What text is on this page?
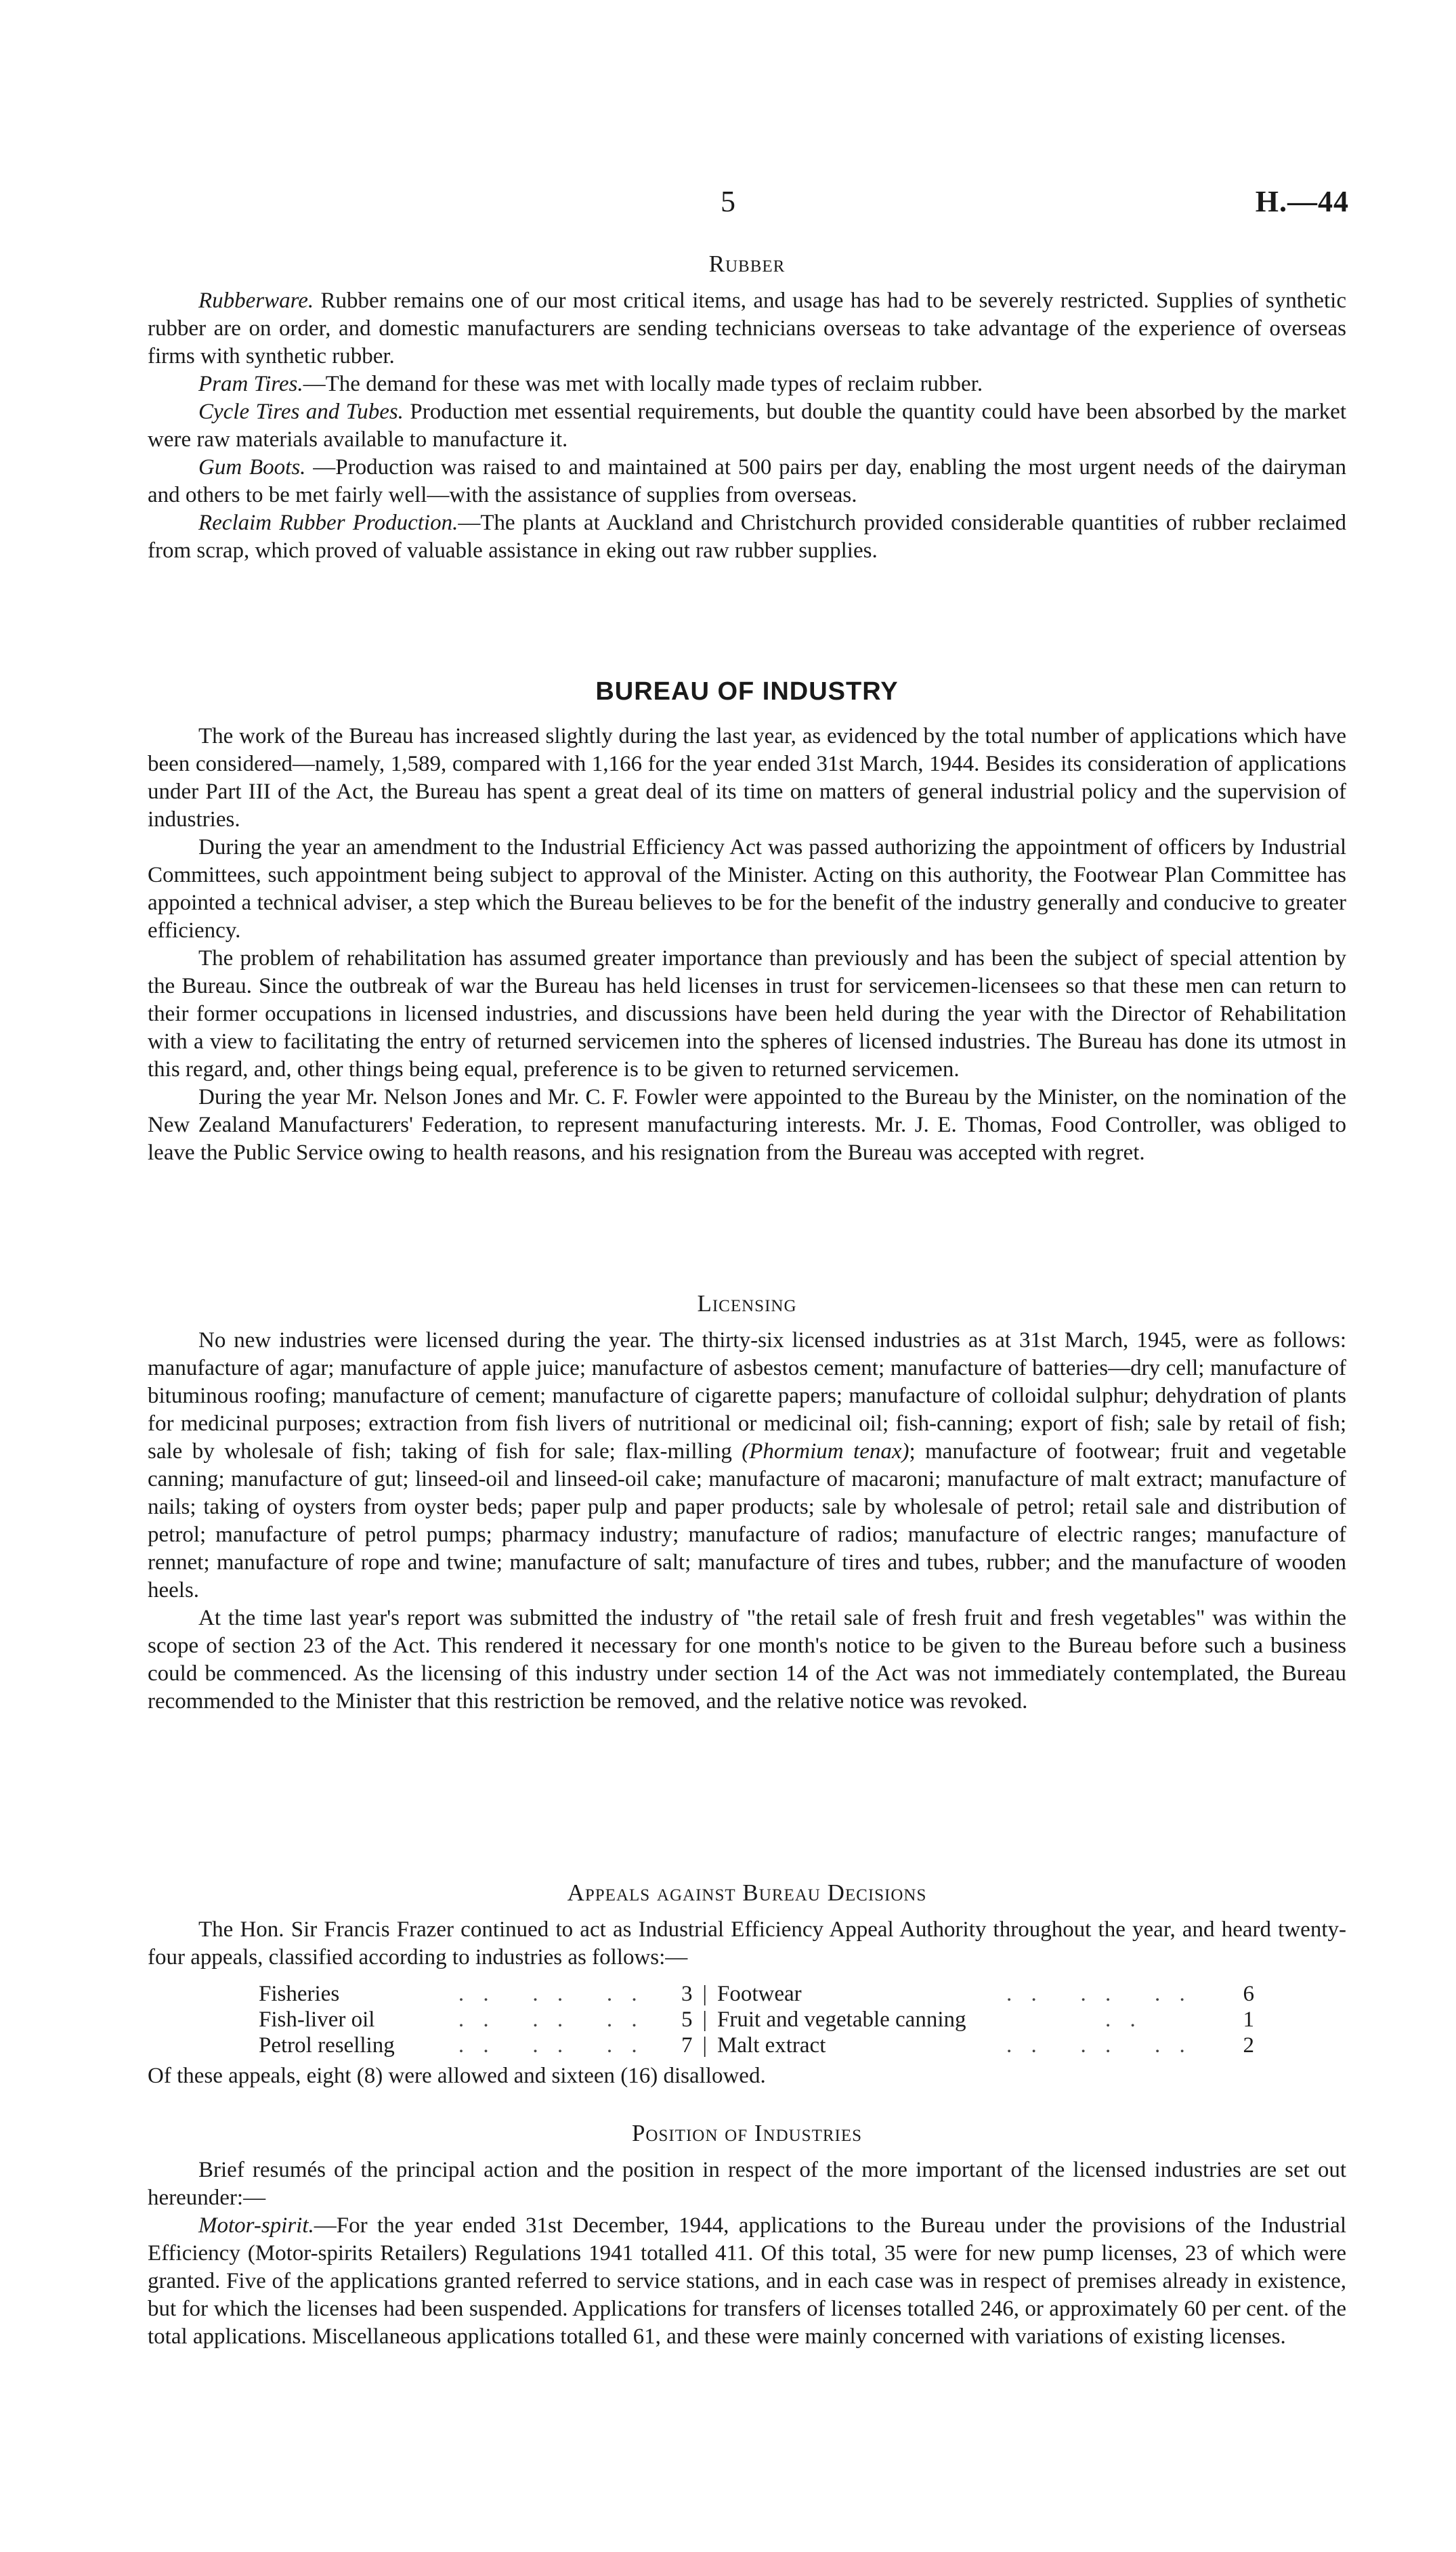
5	H.—44

Rubber

Rubberware. Rubber remains one of our most critical items, and usage has had to be severely restricted. Supplies of synthetic rubber are on order, and domestic manufacturers are sending technicians overseas to take advantage of the experience of overseas firms with synthetic rubber.

Pram Tires.—The demand for these was met with locally made types of reclaim rubber.

Cycle Tires and Tubes. Production met essential requirements, but double the quantity could have been absorbed by the market were raw materials available to manufacture it.

Gum Boots. —Production was raised to and maintained at 500 pairs per day, enabling the most urgent needs of the dairyman and others to be met fairly well—with the assistance of supplies from overseas.

Reclaim Rubber Production.—The plants at Auckland and Christchurch provided considerable quantities of rubber reclaimed from scrap, which proved of valuable assistance in eking out raw rubber supplies.

BUREAU OF INDUSTRY

The work of the Bureau has increased slightly during the last year, as evidenced by the total number of applications which have been considered—namely, 1,589, compared with 1,166 for the year ended 31st March, 1944. Besides its consideration of applications under Part III of the Act, the Bureau has spent a great deal of its time on matters of general industrial policy and the supervision of industries.

During the year an amendment to the Industrial Efficiency Act was passed authorizing the appointment of officers by Industrial Committees, such appointment being subject to approval of the Minister. Acting on this authority, the Footwear Plan Committee has appointed a technical adviser, a step which the Bureau believes to be for the benefit of the industry generally and conducive to greater efficiency.

The problem of rehabilitation has assumed greater importance than previously and has been the subject of special attention by the Bureau. Since the outbreak of war the Bureau has held licenses in trust for servicemen-licensees so that these men can return to their former occupations in licensed industries, and discussions have been held during the year with the Director of Rehabilitation with a view to facilitating the entry of returned servicemen into the spheres of licensed industries. The Bureau has done its utmost in this regard, and, other things being equal, preference is to be given to returned servicemen.

During the year Mr. Nelson Jones and Mr. C. F. Fowler were appointed to the Bureau by the Minister, on the nomination of the New Zealand Manufacturers' Federation, to represent manufacturing interests. Mr. J. E. Thomas, Food Controller, was obliged to leave the Public Service owing to health reasons, and his resignation from the Bureau was accepted with regret.

Licensing

No new industries were licensed during the year. The thirty-six licensed industries as at 31st March, 1945, were as follows: manufacture of agar; manufacture of apple juice; manufacture of asbestos cement; manufacture of batteries—dry cell; manufacture of bituminous roofing; manufacture of cement; manufacture of cigarette papers; manufacture of colloidal sulphur; dehydration of plants for medicinal purposes; extraction from fish livers of nutritional or medicinal oil; fish-canning; export of fish; sale by retail of fish; sale by wholesale of fish; taking of fish for sale; flax-milling (Phormium tenax); manufacture of footwear; fruit and vegetable canning; manufacture of gut; linseed-oil and linseed-oil cake; manufacture of macaroni; manufacture of malt extract; manufacture of nails; taking of oysters from oyster beds; paper pulp and paper products; sale by wholesale of petrol; retail sale and distribution of petrol; manufacture of petrol pumps; pharmacy industry; manufacture of radios; manufacture of electric ranges; manufacture of rennet; manufacture of rope and twine; manufacture of salt; manufacture of tires and tubes, rubber; and the manufacture of wooden heels.

At the time last year's report was submitted the industry of "the retail sale of fresh fruit and fresh vegetables" was within the scope of section 23 of the Act. This rendered it necessary for one month's notice to be given to the Bureau before such a business could be commenced. As the licensing of this industry under section 14 of the Act was not immediately contemplated, the Bureau recommended to the Minister that this restriction be removed, and the relative notice was revoked.

Appeals against Bureau Decisions

The Hon. Sir Francis Frazer continued to act as Industrial Efficiency Appeal Authority throughout the year, and heard twenty-four appeals, classified according to industries as follows:—

Fisheries	. .   . .   . .	3	|	Footwear	. .   . .   . .	6
Fish-liver oil	. .   . .   . .	5	|	Fruit and vegetable canning	. .	1
Petrol reselling	. .   . .   . .	7	|	Malt extract	. .   . .   . .	2

Of these appeals, eight (8) were allowed and sixteen (16) disallowed.

Position of Industries

Brief resumés of the principal action and the position in respect of the more important of the licensed industries are set out hereunder:—

Motor-spirit.—For the year ended 31st December, 1944, applications to the Bureau under the provisions of the Industrial Efficiency (Motor-spirits Retailers) Regulations 1941 totalled 411. Of this total, 35 were for new pump licenses, 23 of which were granted. Five of the applications granted referred to service stations, and in each case was in respect of premises already in existence, but for which the licenses had been suspended. Applications for transfers of licenses totalled 246, or approximately 60 per cent. of the total applications. Miscellaneous applications totalled 61, and these were mainly concerned with variations of existing licenses.
